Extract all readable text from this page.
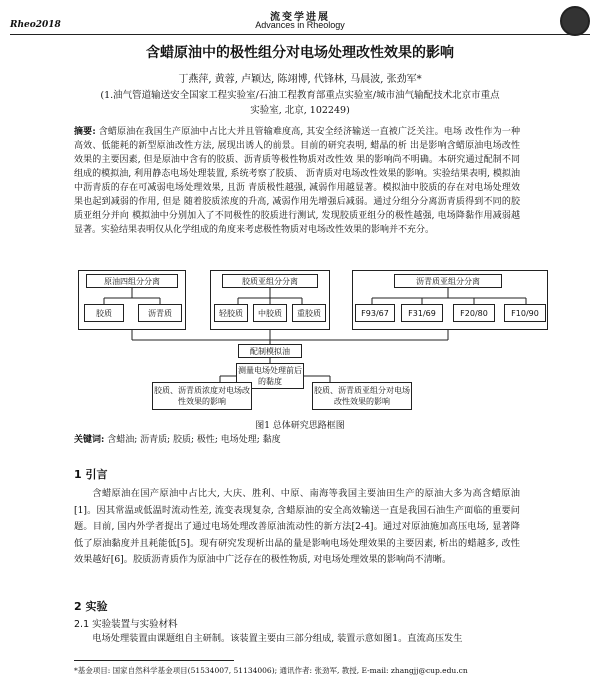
流变学进展
Rheo2018	Advances in Rheology
含蜡原油中的极性组分对电场处理改性效果的影响
丁燕萍, 黄蓉, 卢颖达, 陈翊博, 代锋林, 马晨波, 张劲军*
(1.油气管道输送安全国家工程实验室/石油工程教育部重点实验室/城市油气输配技术北京市重点
实验室, 北京, 102249)
摘要: 含蜡原油在我国生产原油中占比大并且管输难度高, 其安全经济输送一直被广泛关注。电场 改性作为一种高效、低能耗的新型原油改性方法, 展现出诱人的前景。目前的研究表明, 蜡晶的析 出是影响含蜡原油电场改性效果的主要因素, 但是原油中含有的胶质、沥青质等极性物质对改性效 果的影响尚不明确。本研究通过配制不同组成的模拟油, 利用静态电场处理装置, 系统考察了胶质、 沥青质对电场改性效果的影响。实验结果表明, 模拟油中沥青质的存在可减弱电场处理效果, 且沥 青质极性越强, 减弱作用越显著。模拟油中胶质的存在对电场处理效果也起到减弱的作用, 但是 随着胶质浓度的升高, 减弱作用先增强后减弱。通过分组分分离沥青质得到不同的胶质亚组分并向 模拟油中分别加入了不同极性的胶质进行测试, 发现胶质亚组分的极性越强, 电场降黏作用减弱越 显著。实验结果表明仅从化学组成的角度来考虑极性物质对电场改性效果的影响并不充分。
原油四组分分离
胶质	沥青质
胶质亚组分分离
轻胶质	中胶质	重胶质
沥青质亚组分分离
F93/67	F31/69	F20/80	F10/90
配制模拟油
测量电场处理前后的黏度
胶质、沥青质浓度对电场改性效果的影响
胶质、沥青质亚组分对电场改性效果的影响
图1 总体研究思路框图
关键词: 含蜡油; 沥青质; 胶质; 极性; 电场处理; 黏度
1 引言
含蜡原油在国产原油中占比大, 大庆、胜利、中原、南海等我国主要油田生产的原油大多为高含蜡原油[1]。因其常温或低温时流动性差, 流变表现复杂, 含蜡原油的安全高效输送一直是我国石油生产面临的重要问题。目前, 国内外学者提出了通过电场处理改善原油流动性的新方法[2-4]。通过对原油施加高压电场, 显著降低了原油黏度并且耗能低[5]。现有研究发现析出晶的量是影响电场处理效果的主要因素, 析出的蜡越多, 改性效果越好[6]。胶质沥青质作为原油中广泛存在的极性物质, 对电场处理效果的影响尚不清晰。
2 实验
2.1 实验装置与实验材料
电场处理装置由课题组自主研制。该装置主要由三部分组成, 装置示意如图1。直流高压发生
*基金项目: 国家自然科学基金项目(51534007, 51134006); 通讯作者: 张劲军, 教授, E-mail: zhangjj@cup.edu.cn
